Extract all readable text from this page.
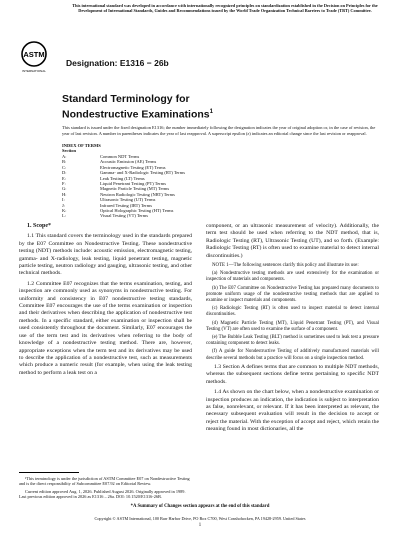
This international standard was developed in accordance with internationally recognized principles on standardization established in the Decision on Principles for the Development of International Standards, Guides and Recommendations issued by the World Trade Organization Technical Barriers to Trade (TBT) Committee.
ASTM
INTERNATIONAL
Designation: E1316 − 26b
Standard Terminology for
Nondestructive Examinations$^1$
This standard is issued under the fixed designation E1316; the number immediately following the designation indicates the year of original adoption or, in the case of revision, the year of last revision. A number in parentheses indicates the year of last reapproval. A superscript epsilon (ε) indicates an editorial change since the last revision or reapproval.
INDEX OF TERMS
Section
A:	Common NDT Terms
B:	Acoustic Emission (AE) Terms
C:	Electromagnetic Testing (ET) Terms
D:	Gamma- and X-Radiologic Testing (RT) Terms
E:	Leak Testing (LT) Terms
F:	Liquid Penetrant Testing (PT) Terms
G:	Magnetic Particle Testing (MT) Terms
H:	Neutron Radiologic Testing (NRT) Terms
I:	Ultrasonic Testing (UT) Terms
J:	Infrared Testing (IRT) Terms
K:	Optical Holographic Testing (HT) Terms
L:	Visual Testing (VT) Terms
1. Scope*

1.1 This standard covers the terminology used in the standards prepared by the E07 Committee on Nondestructive Testing. These nondestructive testing (NDT) methods include: acoustic emission, electromagnetic testing, gamma- and X-radiology, leak testing, liquid penetrant testing, magnetic particle testing, neutron radiology and gauging, ultrasonic testing, and other technical methods.

1.2 Committee E07 recognizes that the terms examination, testing, and inspection are commonly used as synonyms in nondestructive testing. For uniformity and consistency in E07 nondestructive testing standards, Committee E07 encourages the use of the terms examination or inspection and their derivatives when describing the application of nondestructive test methods. In a specific standard, either examination or inspection shall be used consistently throughout the document. Similarly, E07 encourages the use of the term test and its derivatives when referring to the body of knowledge of a nondestructive testing method. There are, however, appropriate exceptions when the term test and its derivatives may be used to describe the application of a nondestructive test, such as measurements which produce a numeric result (for example, when using the leak testing method to perform a leak test on a

component, or an ultrasonic measurement of velocity). Additionally, the term test should be used when referring to the NDT method, that is, Radiologic Testing (RT), Ultrasonic Testing (UT), and so forth. (Example: Radiologic Testing (RT) is often used to examine material to detect internal discontinuities.)

NOTE 1—The following sentences clarify this policy and illustrate its use:
(a) Nondestructive testing methods are used extensively for the examination or inspection of materials and components.
(b) The E07 Committee on Nondestructive Testing has prepared many documents to promote uniform usage of the nondestructive testing methods that are applied to examine or inspect materials and components.
(c) Radiologic Testing (RT) is often used to inspect material to detect internal discontinuities.
(d) Magnetic Particle Testing (MT), Liquid Penetrant Testing (PT), and Visual Testing (VT) are often used to examine the surface of a component.
(e) The Bubble Leak Testing (BLT) method is sometimes used to leak test a pressure containing component to detect leaks.
(f) A guide for Nondestructive Testing of additively manufactured materials will describe several methods but a practice will focus on a single inspection method.

1.3 Section A defines terms that are common to multiple NDT methods, whereas the subsequent sections define terms pertaining to specific NDT methods.

1.4 As shown on the chart below, when a nondestructive examination or inspection produces an indication, the indication is subject to interpretation as false, nonrelevant, or relevant. If it has been interpreted as relevant, the necessary subsequent evaluation will result in the decision to accept or reject the material. With the exception of accept and reject, which retain the meaning found in most dictionaries, all the

¹This terminology is under the jurisdiction of ASTM Committee E07 on Nondestructive Testing and is the direct responsibility of Subcommittee E07.92 on Editorial Review.

Current edition approved Aug. 1, 2026. Published August 2026. Originally approved in 1989. Last previous edition approved in 2026 as E1316 – 26a. DOI: 10.1520/E1316-26B.

*A Summary of Changes section appears at the end of this standard
Copyright © ASTM International, 100 Barr Harbor Drive, PO Box C700, West Conshohocken, PA 19428-2959. United States
1
